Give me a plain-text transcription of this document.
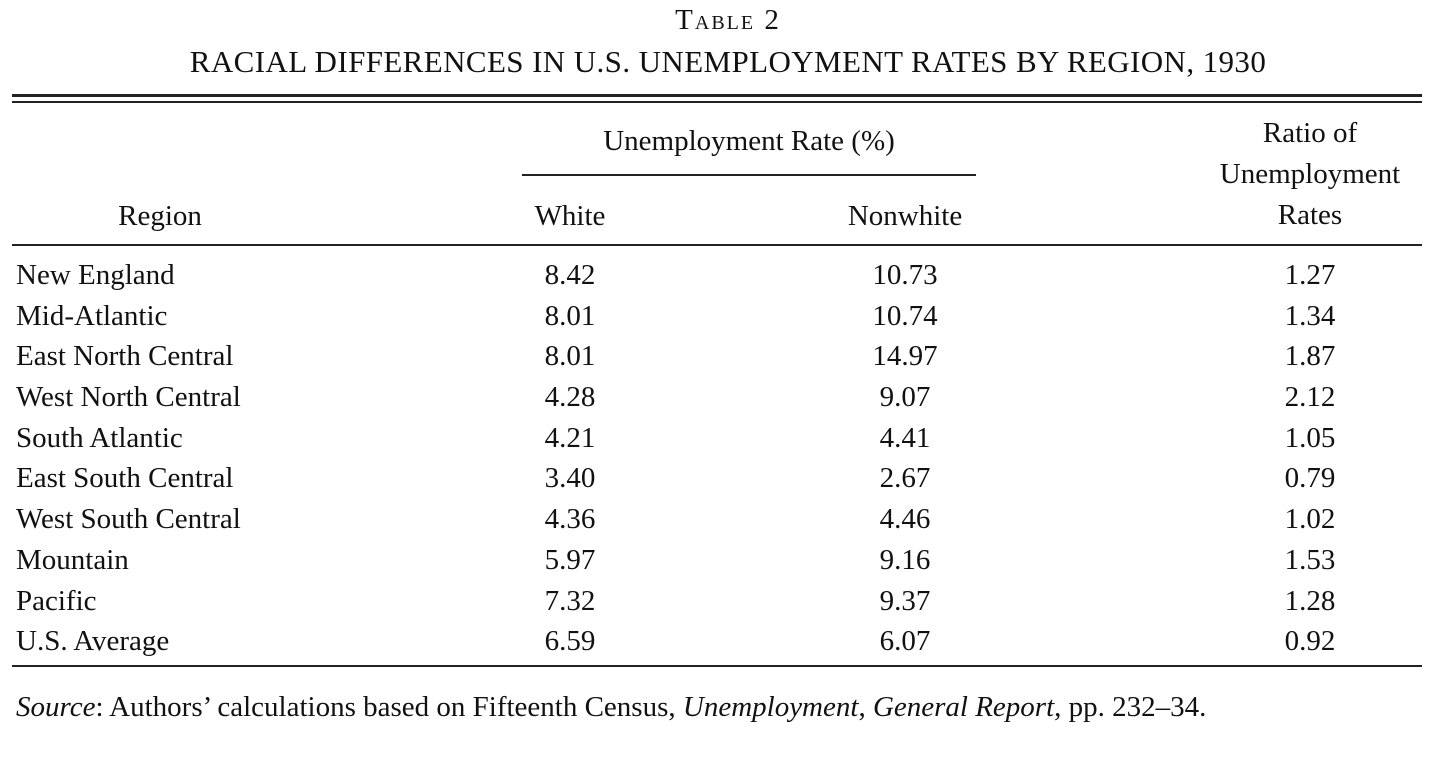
Table 2
RACIAL DIFFERENCES IN U.S. UNEMPLOYMENT RATES BY REGION, 1930
Unemployment Rate (%)
Region	White	Nonwhite
Ratio of Unemployment Rates
New England	8.42	10.73	1.27
Mid-Atlantic	8.01	10.74	1.34
East North Central	8.01	14.97	1.87
West North Central	4.28	9.07	2.12
South Atlantic	4.21	4.41	1.05
East South Central	3.40	2.67	0.79
West South Central	4.36	4.46	1.02
Mountain	5.97	9.16	1.53
Pacific	7.32	9.37	1.28
U.S. Average	6.59	6.07	0.92
Source: Authors’ calculations based on Fifteenth Census, Unemployment, General Report, pp. 232–34.
